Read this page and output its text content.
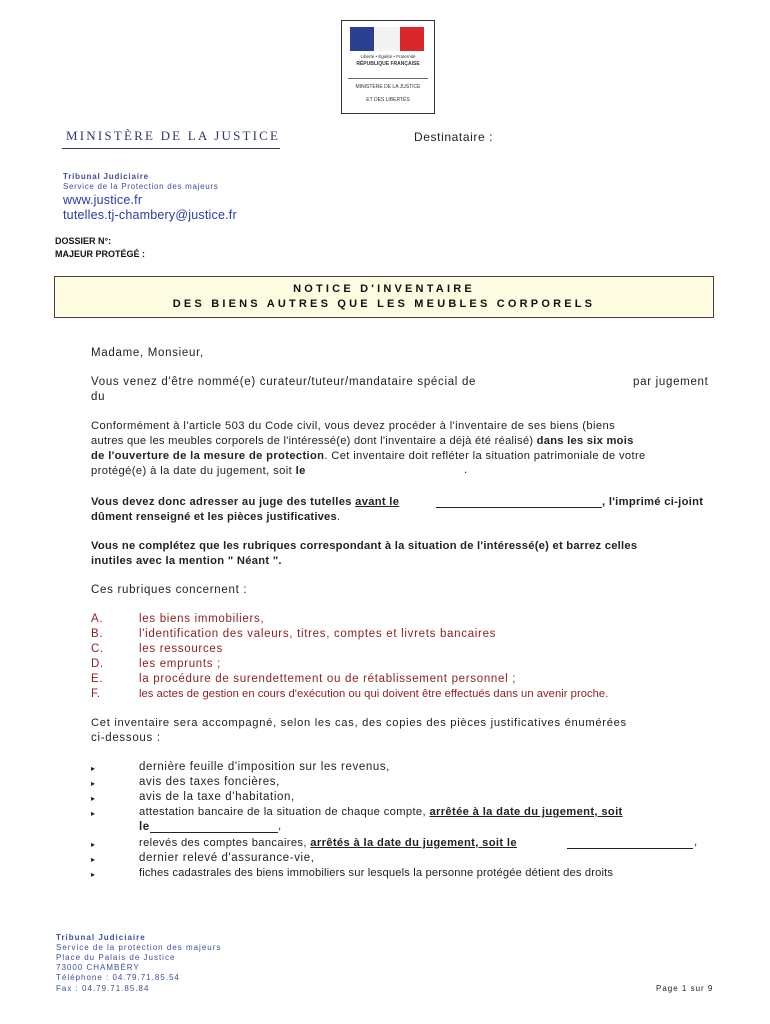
Liberté • Égalité • Fraternité
RÉPUBLIQUE FRANÇAISE
MINISTÈRE DE LA JUSTICE
ET DES LIBERTÉS
MINISTÈRE DE LA JUSTICE	Destinataire :
Tribunal Judiciaire
Service de la Protection des majeurs
www.justice.fr
tutelles.tj-chambery@justice.fr
DOSSIER N°:
MAJEUR PROTÉGÉ :
NOTICE D'INVENTAIRE
DES BIENS AUTRES QUE LES MEUBLES CORPORELS
Madame, Monsieur,
Vous venez d'être nommé(e) curateur/tuteur/mandataire spécial de	par jugement
du
Conformément à l'article 503 du Code civil, vous devez procéder à l'inventaire de ses biens (biens
autres que les meubles corporels de l'intéressé(e) dont l'inventaire a déjà été réalisé) dans les six mois
de l'ouverture de la mesure de protection. Cet inventaire doit refléter la situation patrimoniale de votre
protégé(e) à la date du jugement, soit le	.
Vous devez donc adresser au juge des tutelles avant le	, l'imprimé ci-joint
dûment renseigné et les pièces justificatives.
Vous ne complétez que les rubriques correspondant à la situation de l'intéressé(e) et barrez celles
inutiles avec la mention " Néant ".
Ces rubriques concernent :
A.	les biens immobiliers,
B.	l'identification des valeurs, titres, comptes et livrets bancaires
C.	les ressources
D.	les emprunts ;
E.	la procédure de surendettement ou de rétablissement personnel ;
F.	les actes de gestion en cours d'exécution ou qui doivent être effectués dans un avenir proche.
Cet inventaire sera accompagné, selon les cas, des copies des pièces justificatives énumérées
ci-dessous :
▸	dernière feuille d'imposition sur les revenus,
▸	avis des taxes foncières,
▸	avis de la taxe d'habitation,
▸	attestation bancaire de la situation de chaque compte, arrêtée à la date du jugement, soit
le	,
▸	relevés des comptes bancaires, arrêtés à la date du jugement, soit le	,
▸	dernier relevé d'assurance-vie,
▸	fiches cadastrales des biens immobiliers sur lesquels la personne protégée détient des droits
Tribunal Judiciaire
Service de la protection des majeurs
Place du Palais de Justice
73000 CHAMBÉRY
Téléphone : 04.79.71.85.54
Fax : 04.79.71.85.84	Page 1 sur 9
